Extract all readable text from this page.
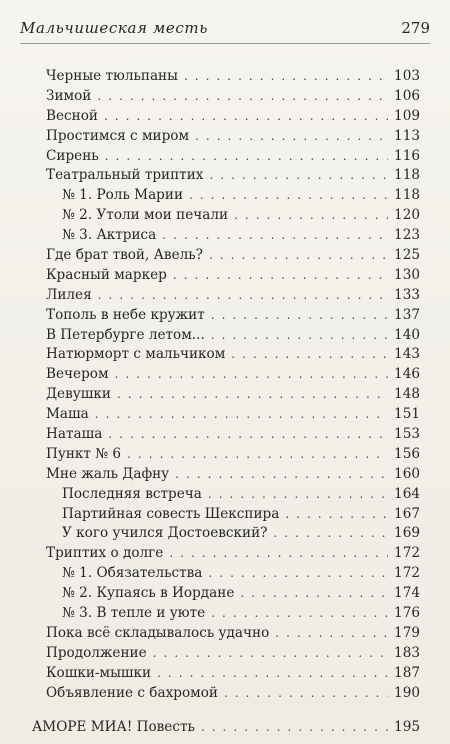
Мальчишеская месть	279
Черные тюльпаны . . .	103
Зимой . . .	106
Весной . . .	109
Простимся с миром . . .	113
Сирень . . .	116
Театральный триптих . . .	118
№ 1. Роль Марии . . .	118
№ 2. Утоли мои печали . . .	120
№ 3. Актриса . . .	123
Где брат твой, Авель? . . .	125
Красный маркер . . .	130
Лилея . . .	133
Тополь в небе кружит . . .	137
В Петербурге летом... . . .	140
Натюрморт с мальчиком . . .	143
Вечером . . .	146
Девушки . . .	148
Маша . . .	151
Наташа . . .	153
Пункт № 6 . . .	156
Мне жаль Дафну . . .	160
Последняя встреча . . .	164
Партийная совесть Шекспира . . .	167
У кого учился Достоевский? . . .	169
Триптих о долге . . .	172
№ 1. Обязательства . . .	172
№ 2. Купаясь в Иордане . . .	174
№ 3. В тепле и уюте . . .	176
Пока всё складывалось удачно . . .	179
Продолжение . . .	183
Кошки-мышки . . .	187
Объявление с бахромой . . .	190
АМОРЕ МИА! Повесть . . .	195
